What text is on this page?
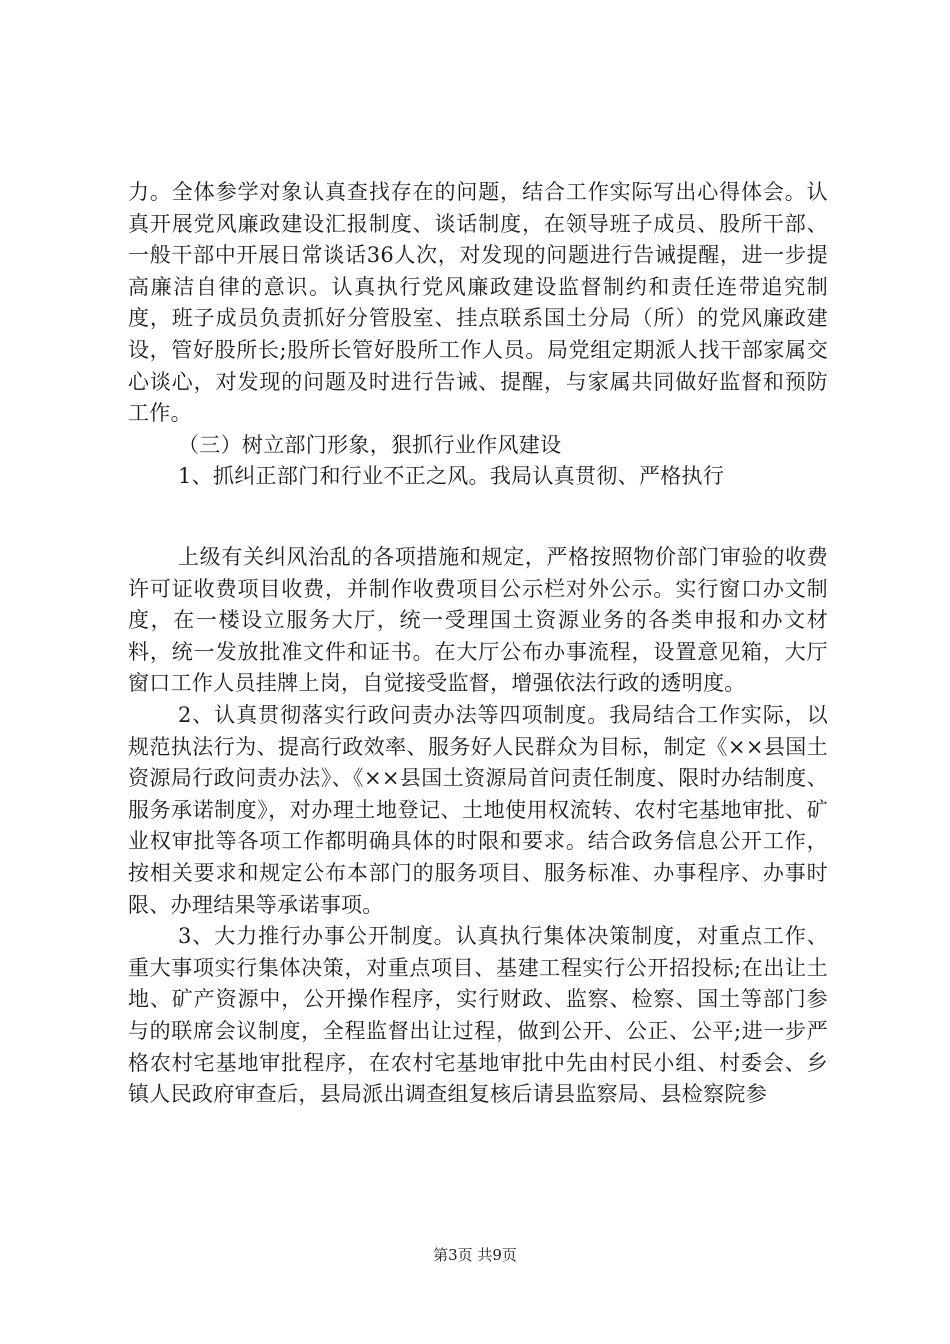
力。全体参学对象认真查找存在的问题，结合工作实际写出心得体会。认真开展党风廉政建设汇报制度、谈话制度，在领导班子成员、股所干部、一般干部中开展日常谈话36人次，对发现的问题进行告诫提醒，进一步提高廉洁自律的意识。认真执行党风廉政建设监督制约和责任连带追究制度，班子成员负责抓好分管股室、挂点联系国土分局（所）的党风廉政建设，管好股所长;股所长管好股所工作人员。局党组定期派人找干部家属交心谈心，对发现的问题及时进行告诫、提醒，与家属共同做好监督和预防工作。

（三）树立部门形象，狠抓行业作风建设

1、抓纠正部门和行业不正之风。我局认真贯彻、严格执行

上级有关纠风治乱的各项措施和规定，严格按照物价部门审验的收费许可证收费项目收费，并制作收费项目公示栏对外公示。实行窗口办文制度，在一楼设立服务大厅，统一受理国土资源业务的各类申报和办文材料，统一发放批准文件和证书。在大厅公布办事流程，设置意见箱，大厅窗口工作人员挂牌上岗，自觉接受监督，增强依法行政的透明度。

2、认真贯彻落实行政问责办法等四项制度。我局结合工作实际，以规范执法行为、提高行政效率、服务好人民群众为目标，制定《××县国土资源局行政问责办法》、《××县国土资源局首问责任制度、限时办结制度、服务承诺制度》，对办理土地登记、土地使用权流转、农村宅基地审批、矿业权审批等各项工作都明确具体的时限和要求。结合政务信息公开工作，按相关要求和规定公布本部门的服务项目、服务标准、办事程序、办事时限、办理结果等承诺事项。

3、大力推行办事公开制度。认真执行集体决策制度，对重点工作、重大事项实行集体决策，对重点项目、基建工程实行公开招投标;在出让土地、矿产资源中，公开操作程序，实行财政、监察、检察、国土等部门参与的联席会议制度，全程监督出让过程，做到公开、公正、公平;进一步严格农村宅基地审批程序，在农村宅基地审批中先由村民小组、村委会、乡镇人民政府审查后，县局派出调查组复核后请县监察局、县检察院参

第3页 共9页
